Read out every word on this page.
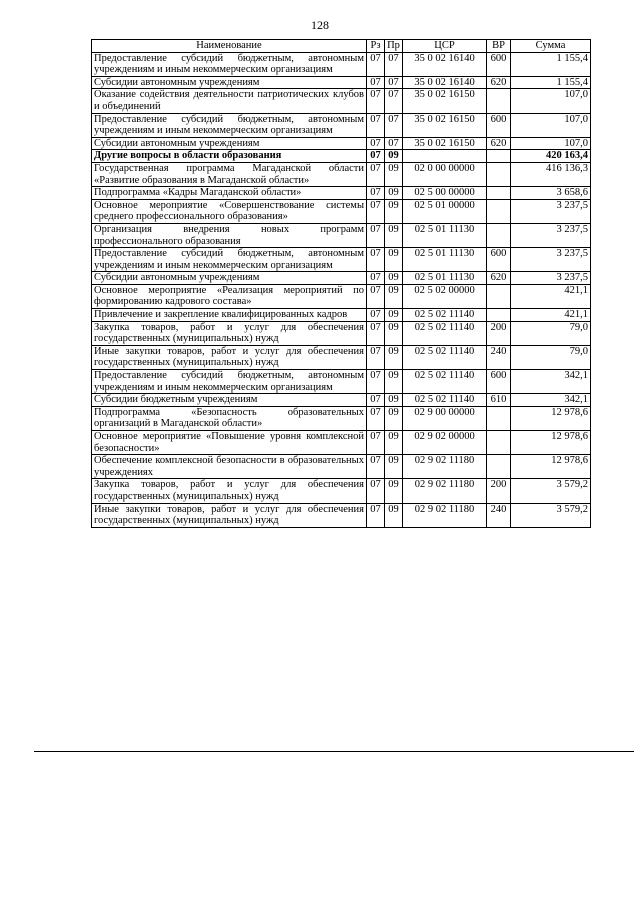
128
Наименование	Рз	Пр	ЦСР	ВР	Сумма
Предоставление субсидий бюджетным, автономным учреждениям и иным некоммерческим организациям	07	07	35 0 02 16140	600	1 155,4
Субсидии автономным учреждениям	07	07	35 0 02 16140	620	1 155,4
Оказание содействия деятельности патриотических клубов и объединений	07	07	35 0 02 16150		107,0
Предоставление субсидий бюджетным, автономным учреждениям и иным некоммерческим организациям	07	07	35 0 02 16150	600	107,0
Субсидии автономным учреждениям	07	07	35 0 02 16150	620	107,0
Другие вопросы в области образования	07	09			420 163,4
Государственная программа Магаданской области «Развитие образования в Магаданской области»	07	09	02 0 00 00000		416 136,3
Подпрограмма «Кадры Магаданской области»	07	09	02 5 00 00000		3 658,6
Основное мероприятие «Совершенствование системы среднего профессионального образования»	07	09	02 5 01 00000		3 237,5
Организация внедрения новых программ профессионального образования	07	09	02 5 01 11130		3 237,5
Предоставление субсидий бюджетным, автономным учреждениям и иным некоммерческим организациям	07	09	02 5 01 11130	600	3 237,5
Субсидии автономным учреждениям	07	09	02 5 01 11130	620	3 237,5
Основное мероприятие «Реализация мероприятий по формированию кадрового состава»	07	09	02 5 02 00000		421,1
Привлечение и закрепление квалифицированных кадров	07	09	02 5 02 11140		421,1
Закупка товаров, работ и услуг для обеспечения государственных (муниципальных) нужд	07	09	02 5 02 11140	200	79,0
Иные закупки товаров, работ и услуг для обеспечения государственных (муниципальных) нужд	07	09	02 5 02 11140	240	79,0
Предоставление субсидий бюджетным, автономным учреждениям и иным некоммерческим организациям	07	09	02 5 02 11140	600	342,1
Субсидии бюджетным учреждениям	07	09	02 5 02 11140	610	342,1
Подпрограмма «Безопасность образовательных организаций в Магаданской области»	07	09	02 9 00 00000		12 978,6
Основное мероприятие «Повышение уровня комплексной безопасности»	07	09	02 9 02 00000		12 978,6
Обеспечение комплексной безопасности в образовательных учреждениях	07	09	02 9 02 11180		12 978,6
Закупка товаров, работ и услуг для обеспечения государственных (муниципальных) нужд	07	09	02 9 02 11180	200	3 579,2
Иные закупки товаров, работ и услуг для обеспечения государственных (муниципальных) нужд	07	09	02 9 02 11180	240	3 579,2
